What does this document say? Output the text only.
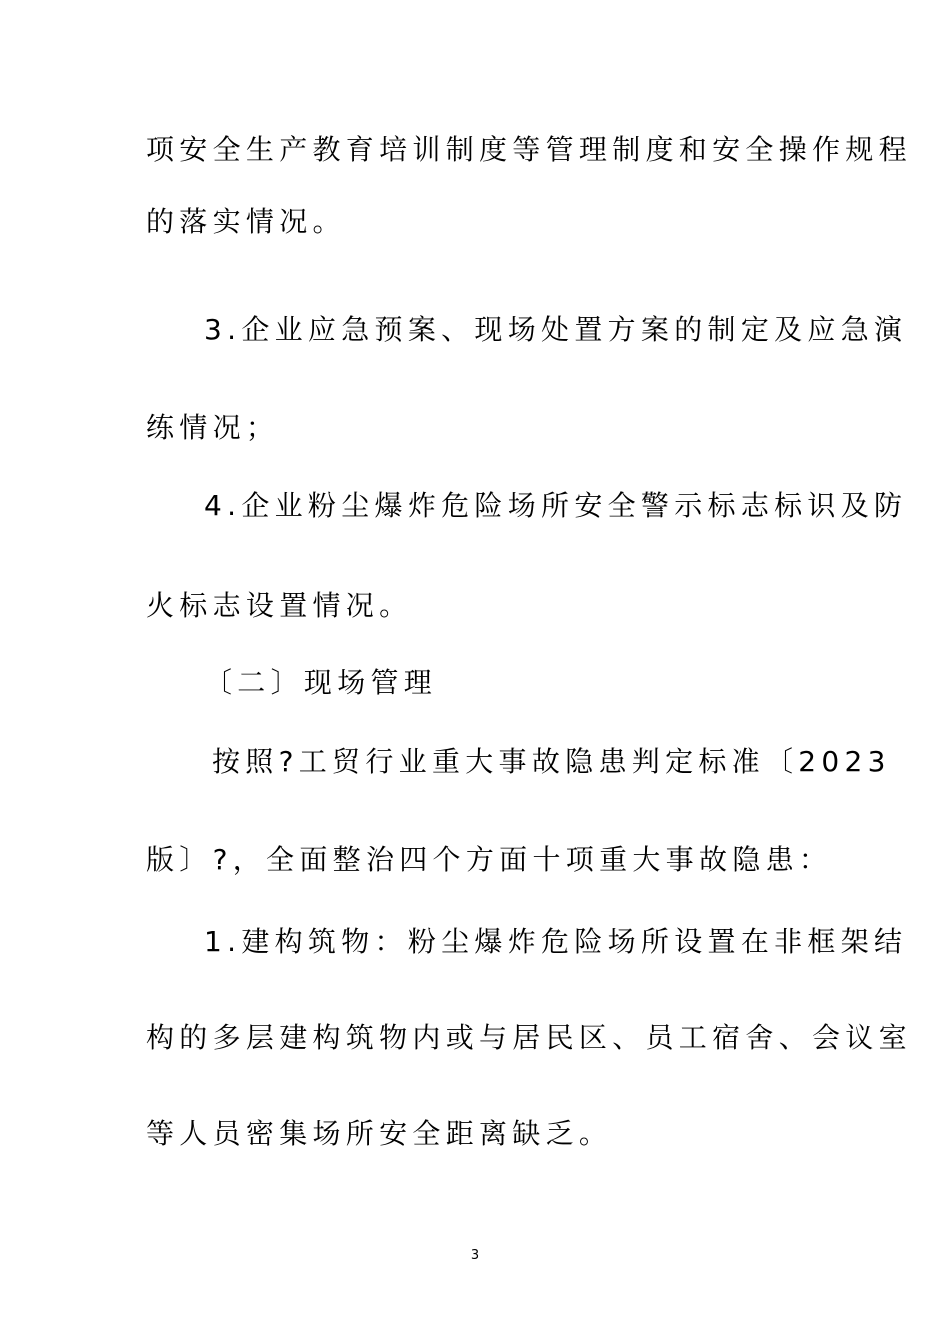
项安全生产教育培训制度等管理制度和安全操作规程
的落实情况。
3.企业应急预案、现场处置方案的制定及应急演
练情况；
4.企业粉尘爆炸危险场所安全警示标志标识及防
火标志设置情况。
〔二〕现场管理
按照?工贸行业重大事故隐患判定标准〔2023
版〕?，全面整治四个方面十项重大事故隐患：
1.建构筑物：粉尘爆炸危险场所设置在非框架结
构的多层建构筑物内或与居民区、员工宿舍、会议室
等人员密集场所安全距离缺乏。
3
